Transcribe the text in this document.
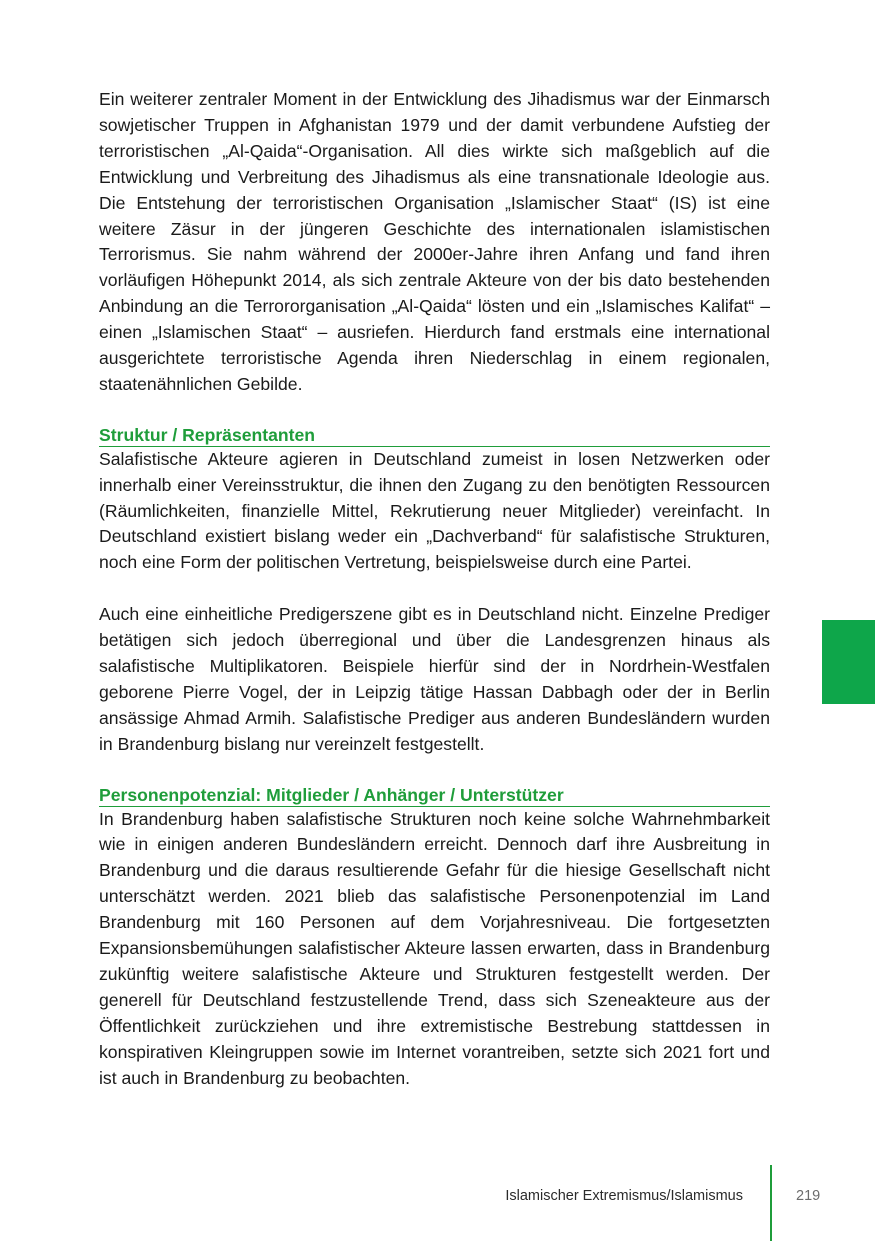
Ein weiterer zentraler Moment in der Entwicklung des Jihadismus war der Einmarsch sowjetischer Truppen in Afghanistan 1979 und der damit verbundene Aufstieg der terroristischen „Al-Qaida“-Organisation. All dies wirkte sich maßgeblich auf die Entwicklung und Verbreitung des Jihadismus als eine transnationale Ideologie aus. Die Entstehung der terroristischen Organisation „Islamischer Staat“ (IS) ist eine weitere Zäsur in der jüngeren Geschichte des internationalen islamistischen Terrorismus. Sie nahm während der 2000er-Jahre ihren Anfang und fand ihren vorläufigen Höhepunkt 2014, als sich zentrale Akteure von der bis dato bestehenden Anbindung an die Terrororganisation „Al-Qaida“ lösten und ein „Islamisches Kalifat“ – einen „Islamischen Staat“ – ausriefen. Hierdurch fand erstmals eine international ausgerichtete terroristische Agenda ihren Niederschlag in einem regionalen, staatenähnlichen Gebilde.

Struktur / Repräsentanten

Salafistische Akteure agieren in Deutschland zumeist in losen Netzwerken oder innerhalb einer Vereinsstruktur, die ihnen den Zugang zu den benötigten Ressourcen (Räumlichkeiten, finanzielle Mittel, Rekrutierung neuer Mitglieder) vereinfacht. In Deutschland existiert bislang weder ein „Dachverband“ für salafistische Strukturen, noch eine Form der politischen Vertretung, beispielsweise durch eine Partei.

Auch eine einheitliche Predigerszene gibt es in Deutschland nicht. Einzelne Prediger betätigen sich jedoch überregional und über die Landesgrenzen hinaus als salafistische Multiplikatoren. Beispiele hierfür sind der in Nordrhein-Westfalen geborene Pierre Vogel, der in Leipzig tätige Hassan Dabbagh oder der in Berlin ansässige Ahmad Armih. Salafistische Prediger aus anderen Bundesländern wurden in Brandenburg bislang nur vereinzelt festgestellt.

Personenpotenzial: Mitglieder / Anhänger / Unterstützer

In Brandenburg haben salafistische Strukturen noch keine solche Wahrnehmbarkeit wie in einigen anderen Bundesländern erreicht. Dennoch darf ihre Ausbreitung in Brandenburg und die daraus resultierende Gefahr für die hiesige Gesellschaft nicht unterschätzt werden. 2021 blieb das salafistische Personenpotenzial im Land Brandenburg mit 160 Personen auf dem Vorjahresniveau. Die fortgesetzten Expansionsbemühungen salafistischer Akteure lassen erwarten, dass in Brandenburg zukünftig weitere salafistische Akteure und Strukturen festgestellt werden. Der generell für Deutschland festzustellende Trend, dass sich Szeneakteure aus der Öffentlichkeit zurückziehen und ihre extremistische Bestrebung stattdessen in konspirativen Kleingruppen sowie im Internet vorantreiben, setzte sich 2021 fort und ist auch in Brandenburg zu beobachten.

Islamischer Extremismus/Islamismus	219
